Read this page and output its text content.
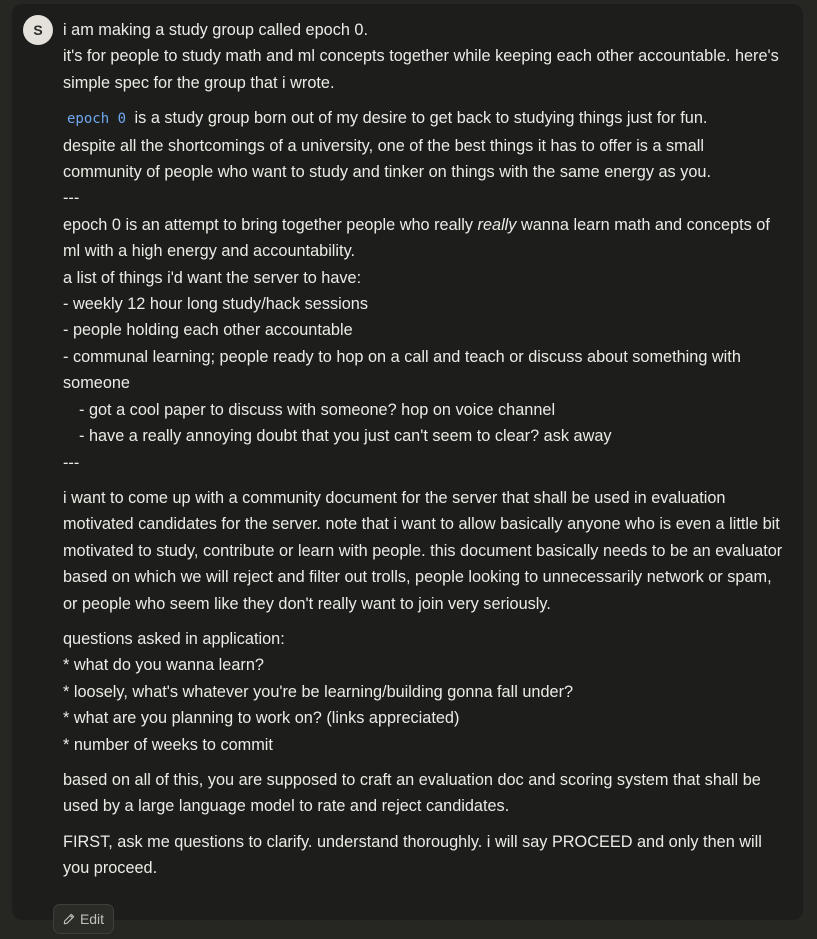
S	i am making a study group called epoch 0.

it's for people to study math and ml concepts together while keeping each other accountable. here's simple spec for the group that i wrote.

epoch 0 is a study group born out of my desire to get back to studying things just for fun.

despite all the shortcomings of a university, one of the best things it has to offer is a small community of people who want to study and tinker on things with the same energy as you.

---

epoch 0 is an attempt to bring together people who really really wanna learn math and concepts of ml with a high energy and accountability.

a list of things i'd want the server to have:

- weekly 12 hour long study/hack sessions

- people holding each other accountable

- communal learning; people ready to hop on a call and teach or discuss about something with someone

- got a cool paper to discuss with someone? hop on voice channel

- have a really annoying doubt that you just can't seem to clear? ask away

---

i want to come up with a community document for the server that shall be used in evaluation motivated candidates for the server. note that i want to allow basically anyone who is even a little bit motivated to study, contribute or learn with people. this document basically needs to be an evaluator based on which we will reject and filter out trolls, people looking to unnecessarily network or spam, or people who seem like they don't really want to join very seriously.

questions asked in application:

* what do you wanna learn?

* loosely, what's whatever you're be learning/building gonna fall under?

* what are you planning to work on? (links appreciated)

* number of weeks to commit

based on all of this, you are supposed to craft an evaluation doc and scoring system that shall be used by a large language model to rate and reject candidates.

FIRST, ask me questions to clarify. understand thoroughly. i will say PROCEED and only then will you proceed.

Edit
